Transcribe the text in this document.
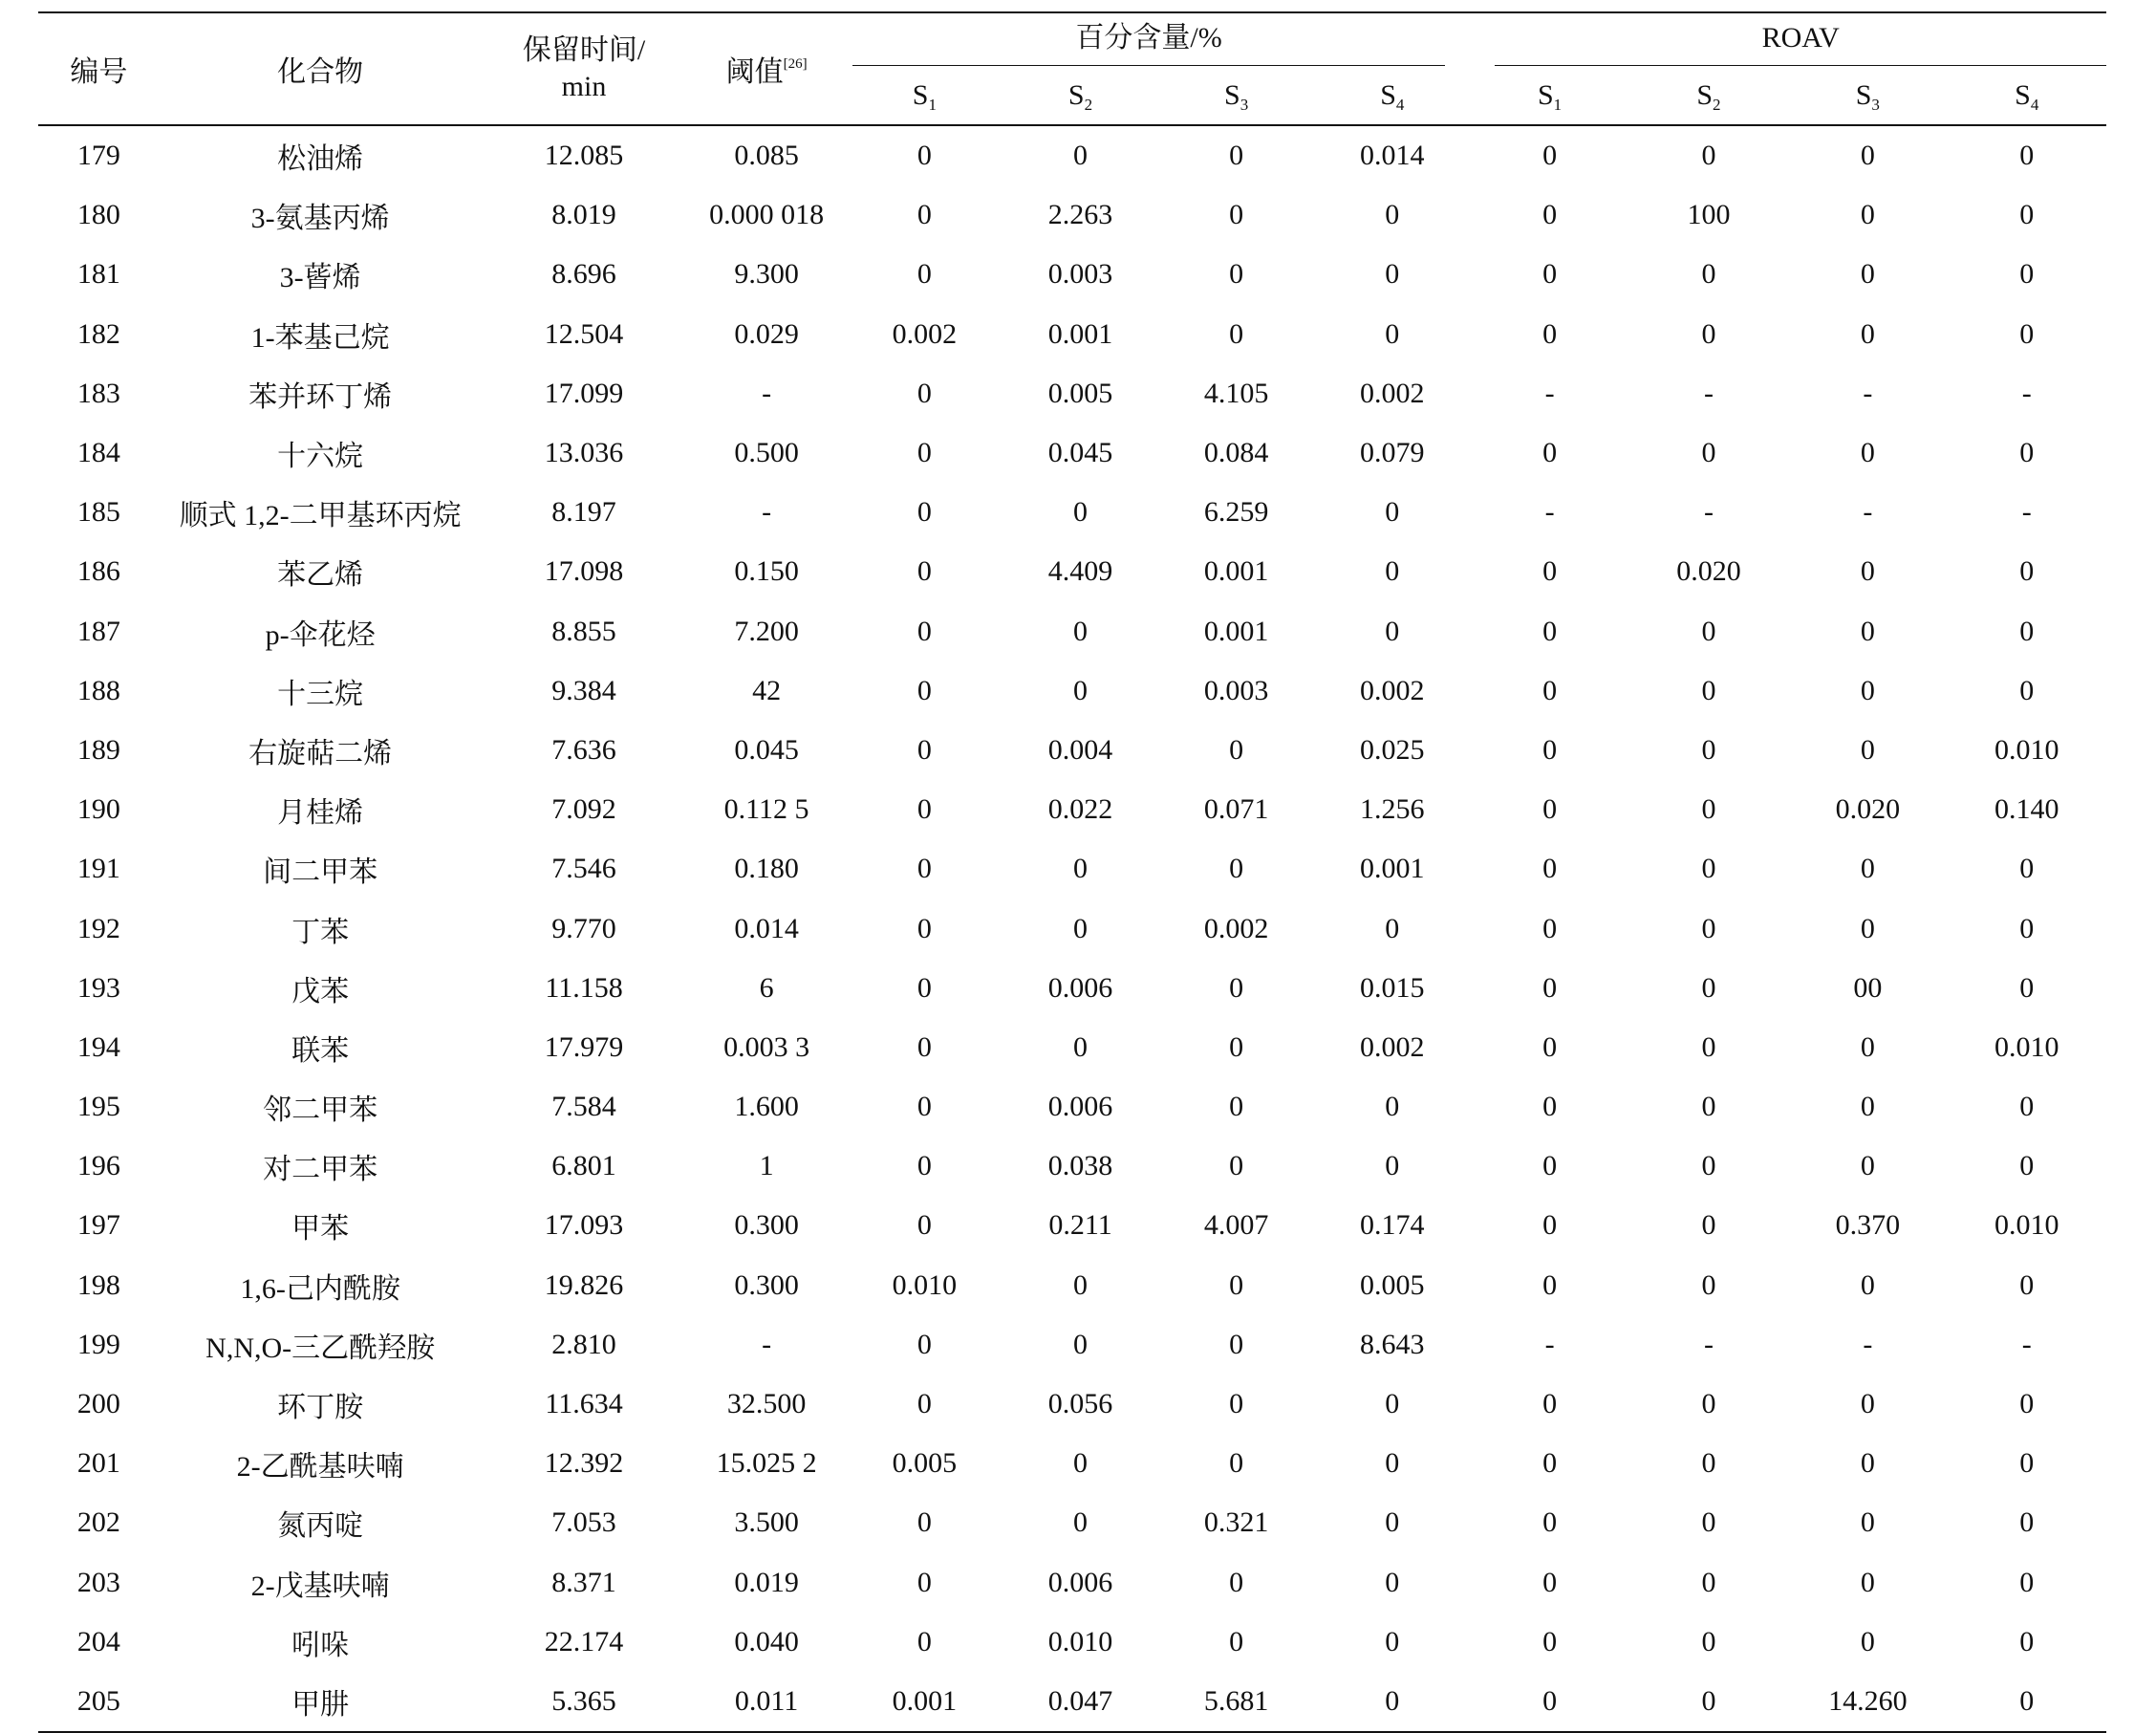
编号	化合物	保留时间/
min	阈值[26]	百分含量/%				ROAV			

				$S_1$	$S_2$	$S_3$	$S_4$	$S_1$	$S_2$	$S_3$	$S_4$
179	松油烯	12.085	0.085	0	0	0	0.014	0	0	0	0
180	3-氨基丙烯	8.019	0.000 018	0	2.263	0	0	0	100	0	0
181	3-蒈烯	8.696	9.300	0	0.003	0	0	0	0	0	0
182	1-苯基己烷	12.504	0.029	0.002	0.001	0	0	0	0	0	0
183	苯并环丁烯	17.099	-	0	0.005	4.105	0.002	-	-	-	-
184	十六烷	13.036	0.500	0	0.045	0.084	0.079	0	0	0	0
185	顺式 1,2-二甲基环丙烷	8.197	-	0	0	6.259	0	-	-	-	-
186	苯乙烯	17.098	0.150	0	4.409	0.001	0	0	0.020	0	0
187	p-伞花烃	8.855	7.200	0	0	0.001	0	0	0	0	0
188	十三烷	9.384	42	0	0	0.003	0.002	0	0	0	0
189	右旋萜二烯	7.636	0.045	0	0.004	0	0.025	0	0	0	0.010
190	月桂烯	7.092	0.112 5	0	0.022	0.071	1.256	0	0	0.020	0.140
191	间二甲苯	7.546	0.180	0	0	0	0.001	0	0	0	0
192	丁苯	9.770	0.014	0	0	0.002	0	0	0	0	0
193	戊苯	11.158	6	0	0.006	0	0.015	0	0	00	0
194	联苯	17.979	0.003 3	0	0	0	0.002	0	0	0	0.010
195	邻二甲苯	7.584	1.600	0	0.006	0	0	0	0	0	0
196	对二甲苯	6.801	1	0	0.038	0	0	0	0	0	0
197	甲苯	17.093	0.300	0	0.211	4.007	0.174	0	0	0.370	0.010
198	1,6-己内酰胺	19.826	0.300	0.010	0	0	0.005	0	0	0	0
199	N,N,O-三乙酰羟胺	2.810	-	0	0	0	8.643	-	-	-	-
200	环丁胺	11.634	32.500	0	0.056	0	0	0	0	0	0
201	2-乙酰基呋喃	12.392	15.025 2	0.005	0	0	0	0	0	0	0
202	氮丙啶	7.053	3.500	0	0	0.321	0	0	0	0	0
203	2-戊基呋喃	8.371	0.019	0	0.006	0	0	0	0	0	0
204	吲哚	22.174	0.040	0	0.010	0	0	0	0	0	0
205	甲肼	5.365	0.011	0.001	0.047	5.681	0	0	0	14.260	0
